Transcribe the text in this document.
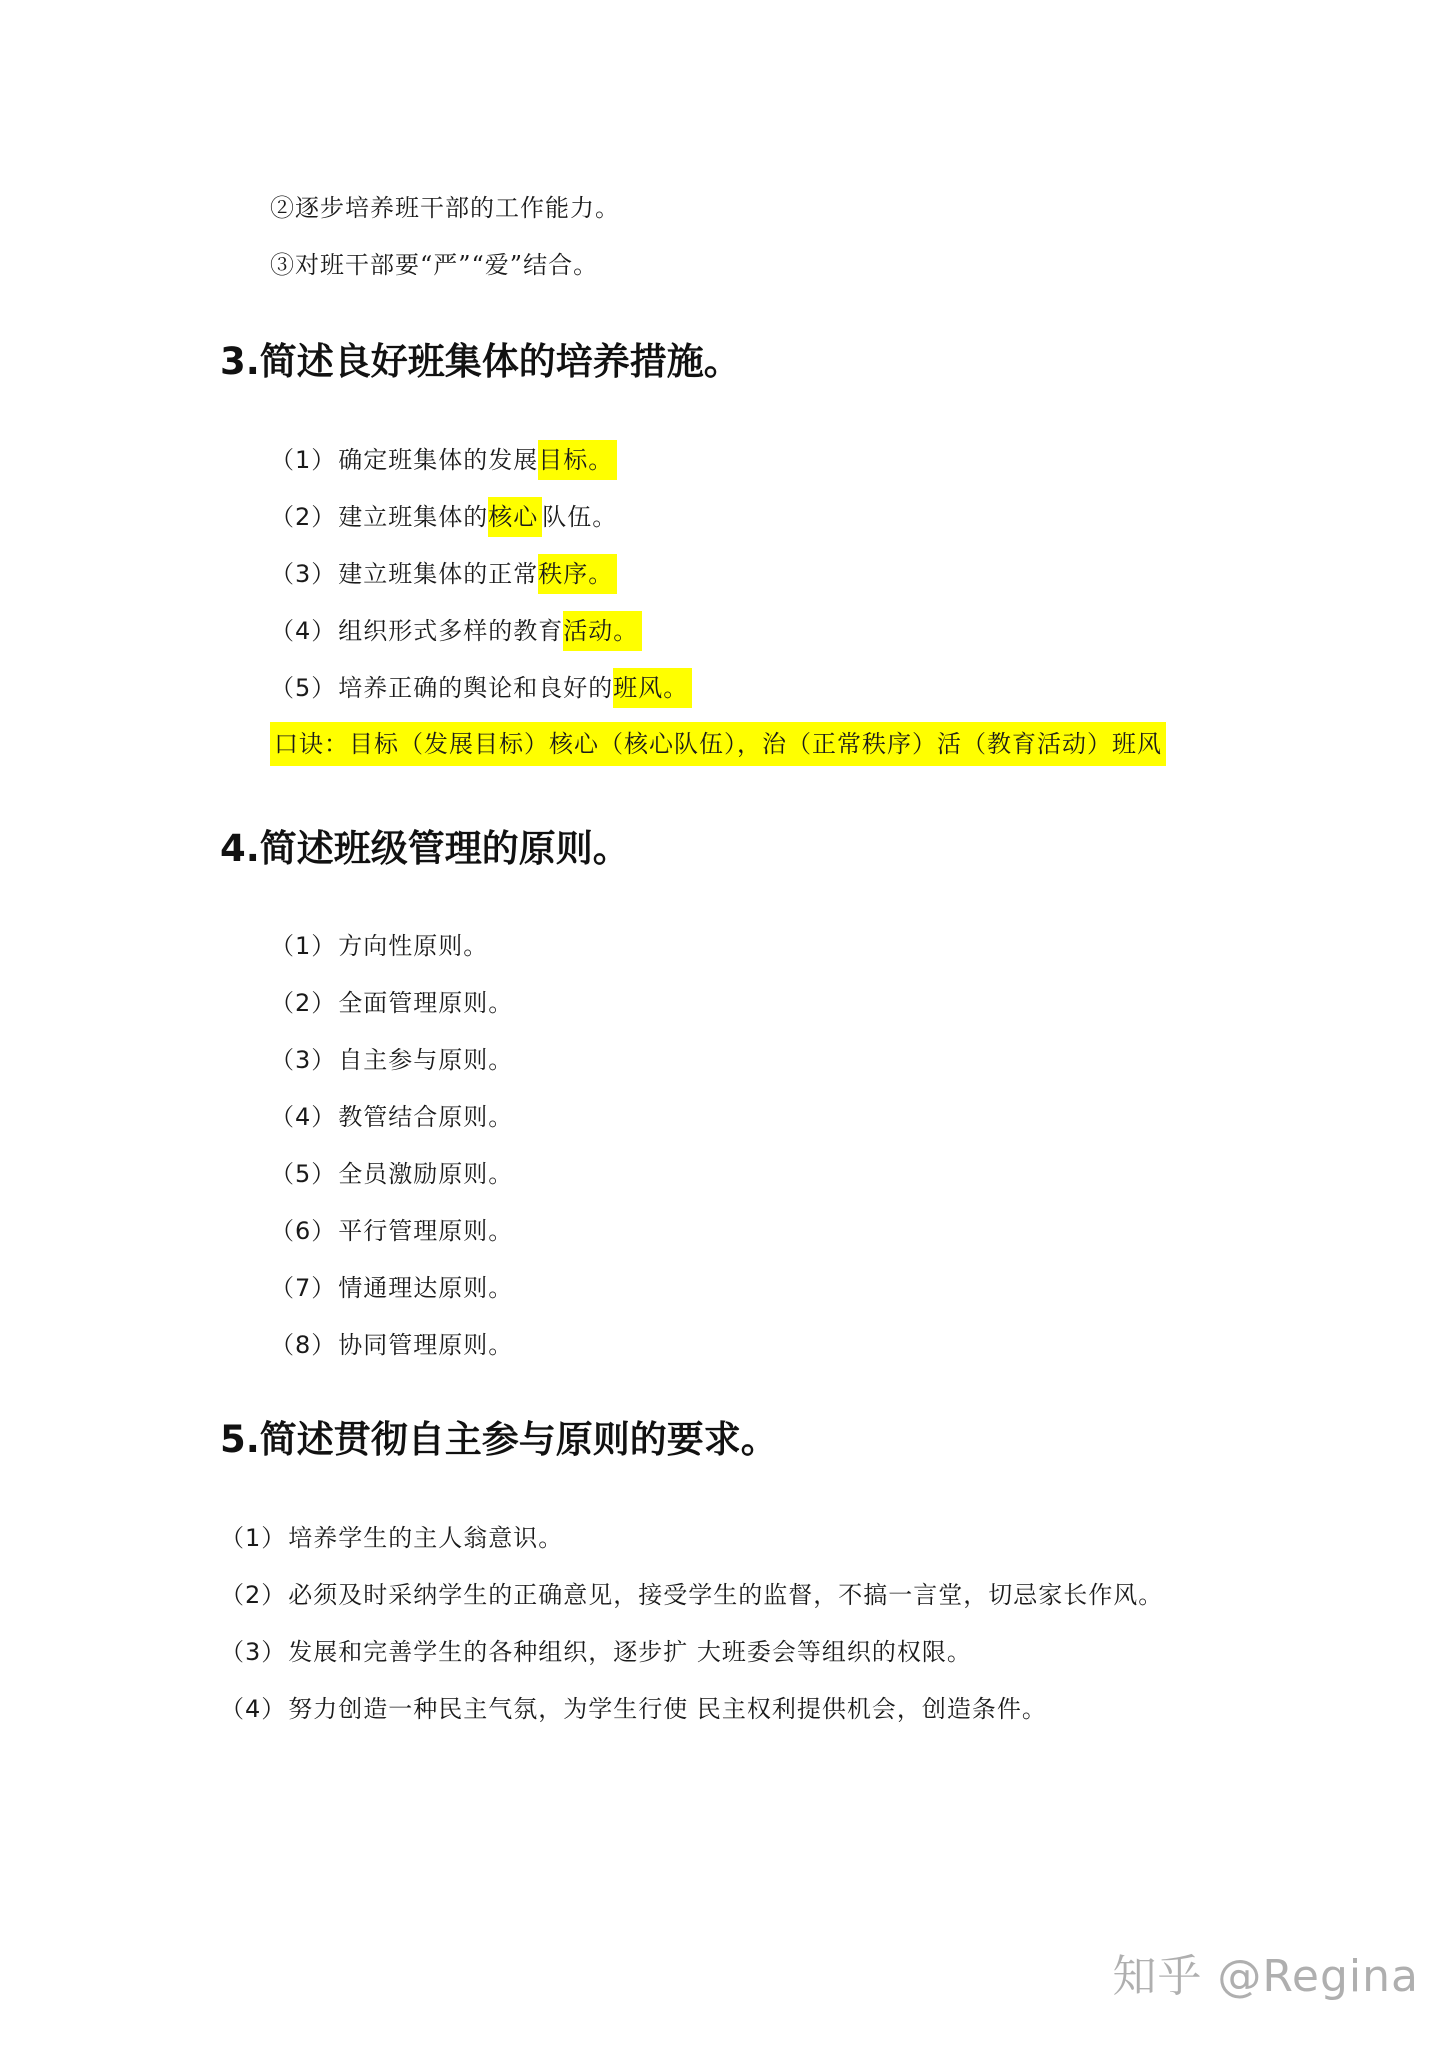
②逐步培养班干部的工作能力。
③对班干部要“严”“爱”结合。
3.简述良好班集体的培养措施。
（1）确定班集体的发展目标。
（2）建立班集体的核心 队伍。
（3）建立班集体的正常秩序。
（4）组织形式多样的教育活动。
（5）培养正确的舆论和良好的班风。
口诀：目标（发展目标）核心（核心队伍），治（正常秩序）活（教育活动）班风
4.简述班级管理的原则。
（1）方向性原则。
（2）全面管理原则。
（3）自主参与原则。
（4）教管结合原则。
（5）全员激励原则。
（6）平行管理原则。
（7）情通理达原则。
（8）协同管理原则。
5.简述贯彻自主参与原则的要求。
（1）培养学生的主人翁意识。
（2）必须及时采纳学生的正确意见，接受学生的监督，不搞一言堂，切忌家长作风。
（3）发展和完善学生的各种组织，逐步扩 大班委会等组织的权限。
（4）努力创造一种民主气氛，为学生行使 民主权利提供机会，创造条件。
知乎 @Regina
